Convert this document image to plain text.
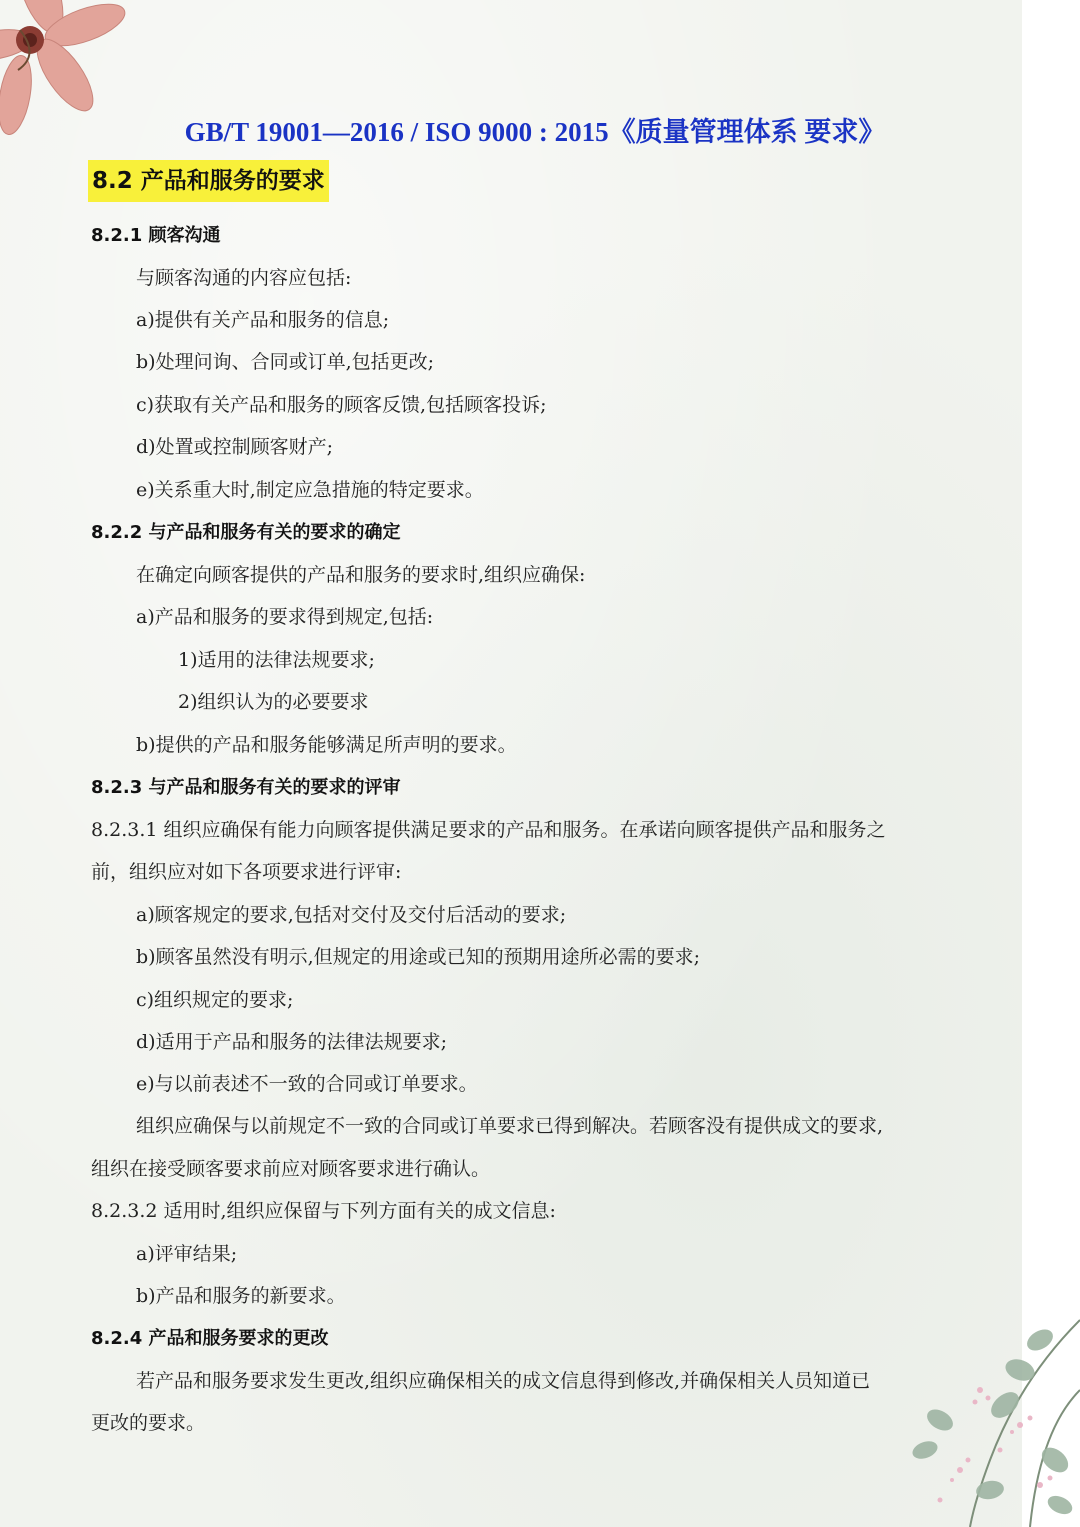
GB/T 19001—2016 / ISO 9000 : 2015《质量管理体系 要求》
8.2 产品和服务的要求
8.2.1 顾客沟通
与顾客沟通的内容应包括:
a)提供有关产品和服务的信息;
b)处理问询、合同或订单,包括更改;
c)获取有关产品和服务的顾客反馈,包括顾客投诉;
d)处置或控制顾客财产;
e)关系重大时,制定应急措施的特定要求。
8.2.2 与产品和服务有关的要求的确定
在确定向顾客提供的产品和服务的要求时,组织应确保:
a)产品和服务的要求得到规定,包括:
1)适用的法律法规要求;
2)组织认为的必要要求
b)提供的产品和服务能够满足所声明的要求。
8.2.3 与产品和服务有关的要求的评审
8.2.3.1 组织应确保有能力向顾客提供满足要求的产品和服务。在承诺向顾客提供产品和服务之
前，组织应对如下各项要求进行评审:
a)顾客规定的要求,包括对交付及交付后活动的要求;
b)顾客虽然没有明示,但规定的用途或已知的预期用途所必需的要求;
c)组织规定的要求;
d)适用于产品和服务的法律法规要求;
e)与以前表述不一致的合同或订单要求。
组织应确保与以前规定不一致的合同或订单要求已得到解决。若顾客没有提供成文的要求,
组织在接受顾客要求前应对顾客要求进行确认。
8.2.3.2 适用时,组织应保留与下列方面有关的成文信息:
a)评审结果;
b)产品和服务的新要求。
8.2.4 产品和服务要求的更改
若产品和服务要求发生更改,组织应确保相关的成文信息得到修改,并确保相关人员知道已
更改的要求。
